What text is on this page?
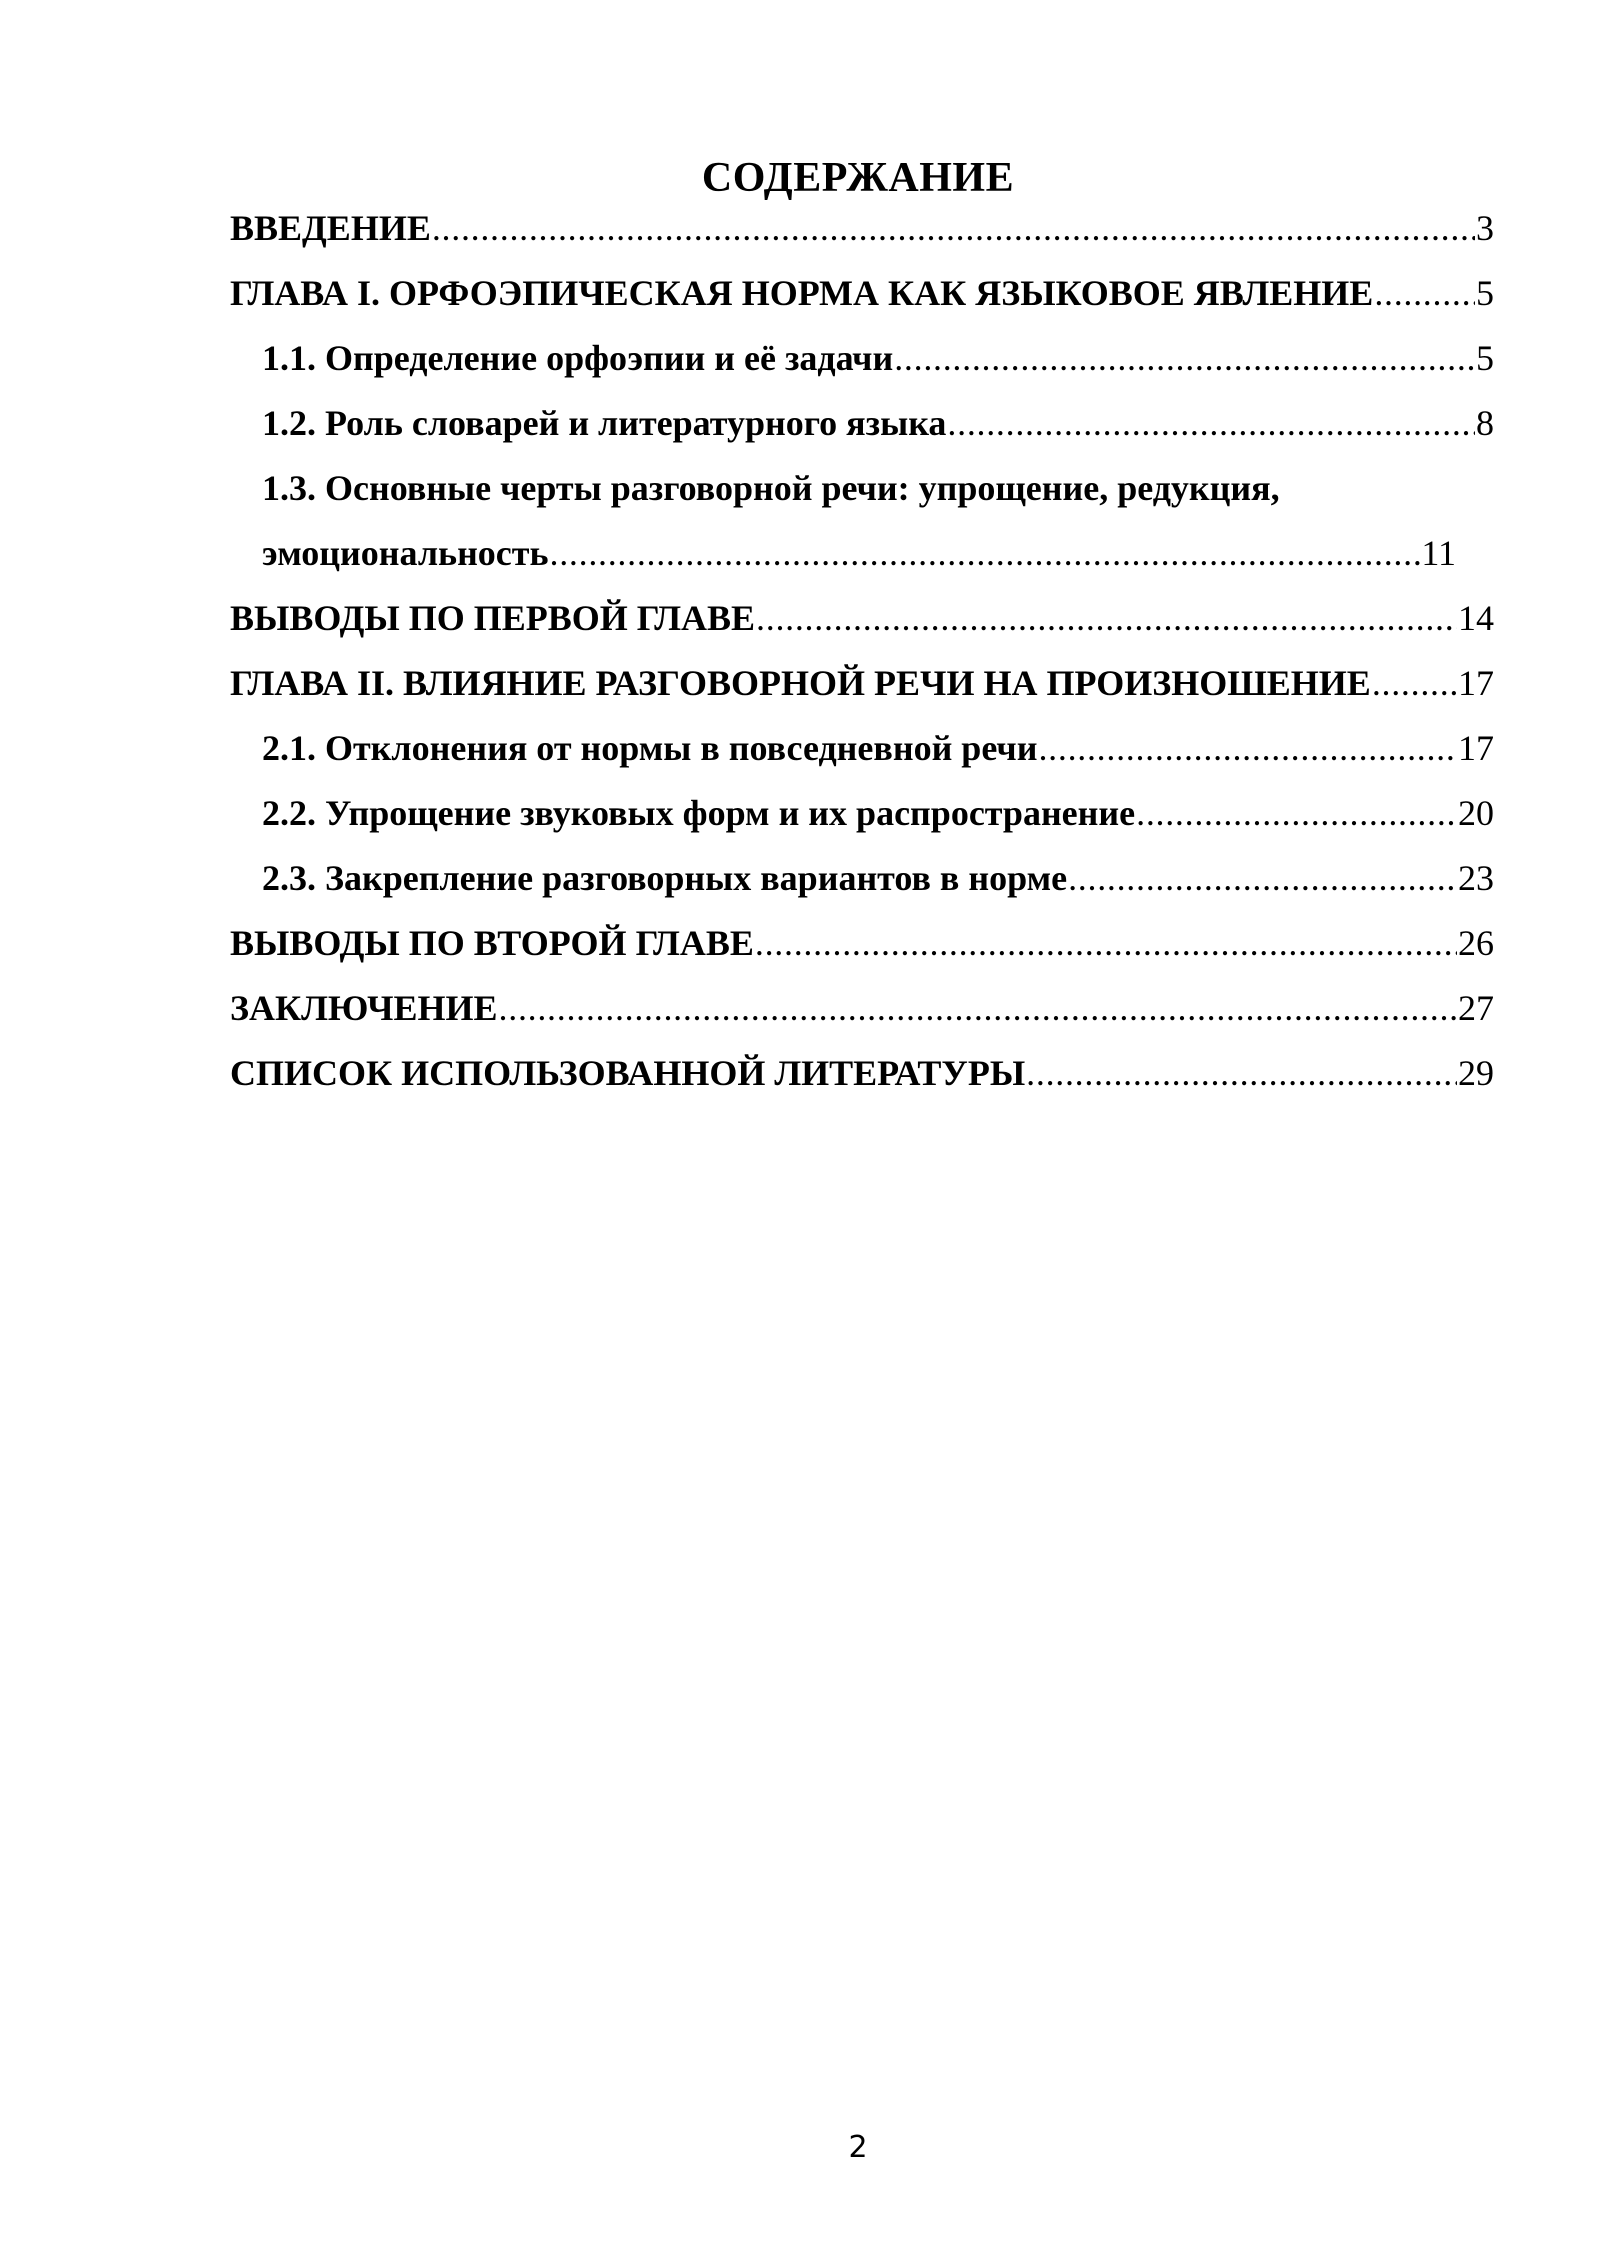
СОДЕРЖАНИЕ
ВВЕДЕНИЕ .....	3
ГЛАВА I. ОРФОЭПИЧЕСКАЯ НОРМА КАК ЯЗЫКОВОЕ ЯВЛЕНИЕ .....	5
1.1. Определение орфоэпии и её задачи .....	5
1.2. Роль словарей и литературного языка .....	8
1.3. Основные черты разговорной речи: упрощение, редукция,
эмоциональность .....	11
ВЫВОДЫ ПО ПЕРВОЙ ГЛАВЕ .....	14
ГЛАВА II. ВЛИЯНИЕ РАЗГОВОРНОЙ РЕЧИ НА ПРОИЗНОШЕНИЕ ..... 17
2.1. Отклонения от нормы в повседневной речи .....	17
2.2. Упрощение звуковых форм и их распространение .....	20
2.3. Закрепление разговорных вариантов в норме .....	23
ВЫВОДЫ ПО ВТОРОЙ ГЛАВЕ .....	26
ЗАКЛЮЧЕНИЕ .....	27
СПИСОК ИСПОЛЬЗОВАННОЙ ЛИТЕРАТУРЫ .....	29
2
